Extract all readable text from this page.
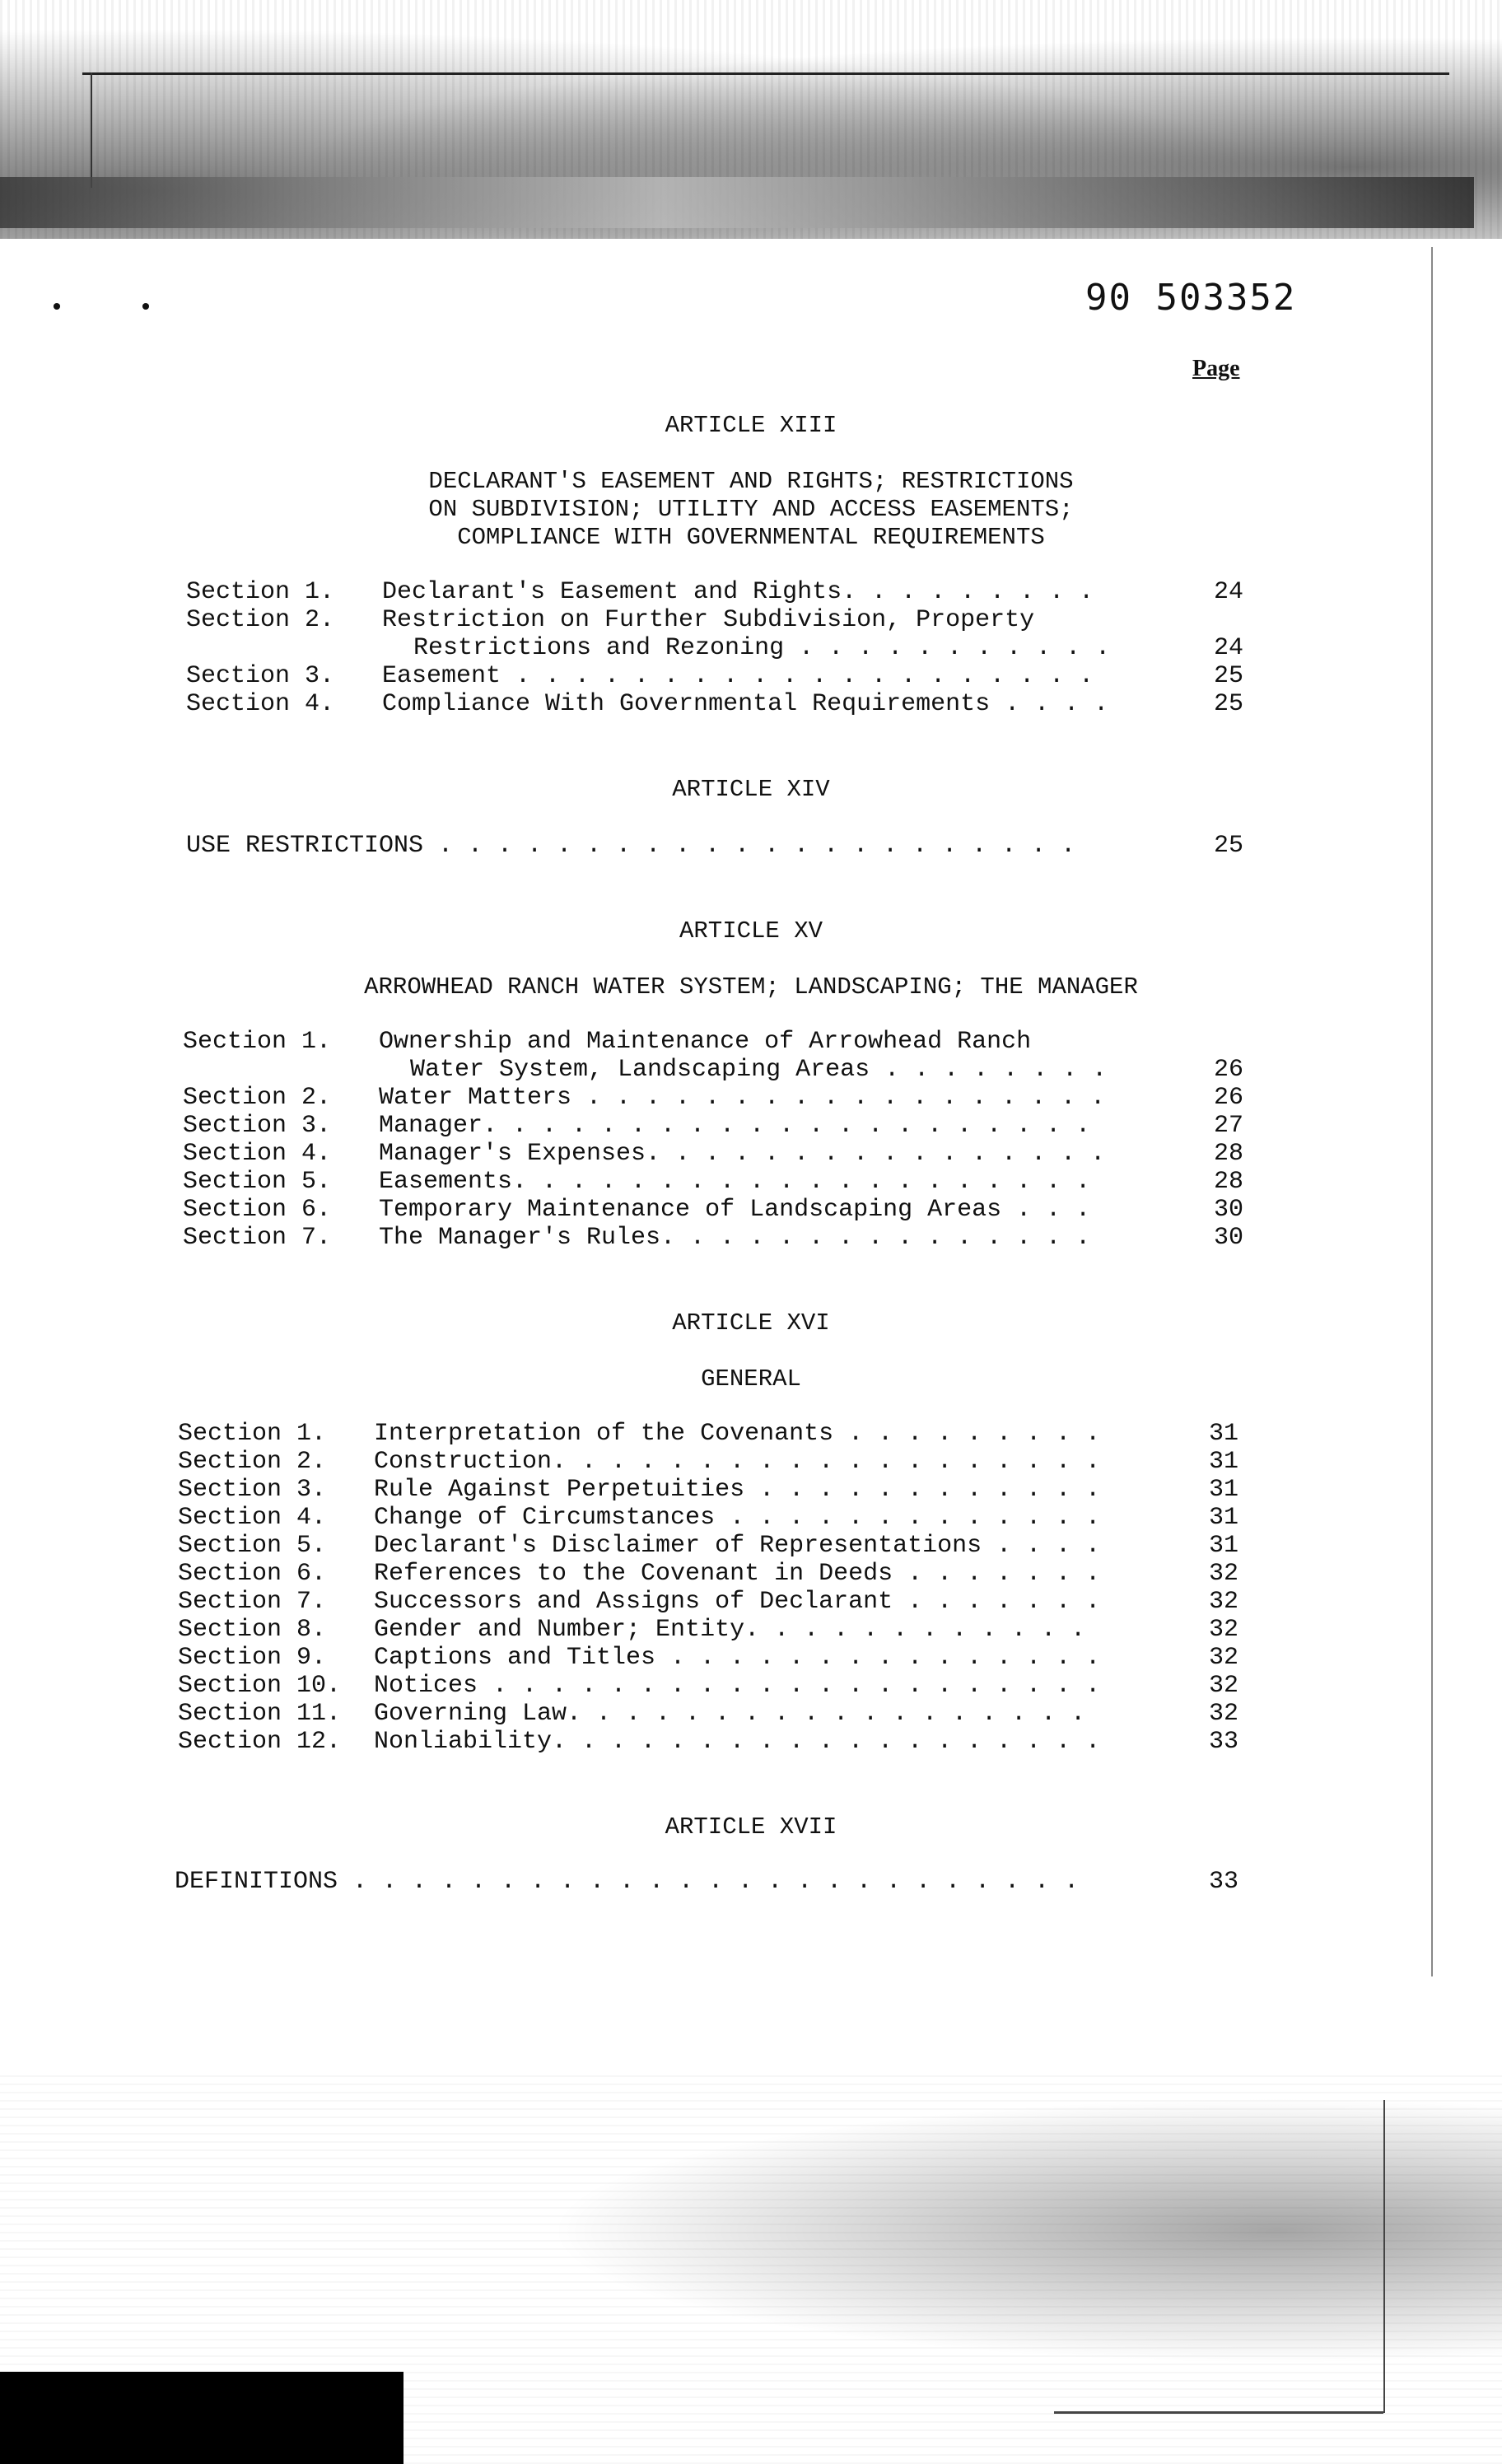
•     •	90 503352
Page
ARTICLE XIII
DECLARANT'S EASEMENT AND RIGHTS; RESTRICTIONS
ON SUBDIVISION; UTILITY AND ACCESS EASEMENTS;
COMPLIANCE WITH GOVERNMENTAL REQUIREMENTS
Section 1. Declarant's Easement and Rights. . . . . . . . .	24
Section 2. Restriction on Further Subdivision, Property
Restrictions and Rezoning . . . . . . . . . . .	24
Section 3. Easement . . . . . . . . . . . . . . . . . . . .	25
Section 4. Compliance With Governmental Requirements . . . .	25
ARTICLE XIV
USE RESTRICTIONS . . . . . . . . . . . . . . . . . . . . . .	25
ARTICLE XV
ARROWHEAD RANCH WATER SYSTEM; LANDSCAPING; THE MANAGER
Section 1. Ownership and Maintenance of Arrowhead Ranch
Water System, Landscaping Areas . . . . . . . .	26
Section 2. Water Matters . . . . . . . . . . . . . . . . . .	26
Section 3. Manager. . . . . . . . . . . . . . . . . . . . .	27
Section 4. Manager's Expenses. . . . . . . . . . . . . . . .	28
Section 5. Easements. . . . . . . . . . . . . . . . . . . .	28
Section 6. Temporary Maintenance of Landscaping Areas . . .	30
Section 7. The Manager's Rules. . . . . . . . . . . . . . .	30
ARTICLE XVI
GENERAL
Section 1. Interpretation of the Covenants . . . . . . . . .	31
Section 2. Construction. . . . . . . . . . . . . . . . . . .	31
Section 3. Rule Against Perpetuities . . . . . . . . . . . .	31
Section 4. Change of Circumstances . . . . . . . . . . . . .	31
Section 5. Declarant's Disclaimer of Representations . . . .	31
Section 6. References to the Covenant in Deeds . . . . . . .	32
Section 7. Successors and Assigns of Declarant . . . . . . .	32
Section 8. Gender and Number; Entity. . . . . . . . . . . .	32
Section 9. Captions and Titles . . . . . . . . . . . . . . .	32
Section 10. Notices . . . . . . . . . . . . . . . . . . . . .	32
Section 11. Governing Law. . . . . . . . . . . . . . . . . .	32
Section 12. Nonliability. . . . . . . . . . . . . . . . . . .	33
ARTICLE XVII
DEFINITIONS . . . . . . . . . . . . . . . . . . . . . . . . .	33
